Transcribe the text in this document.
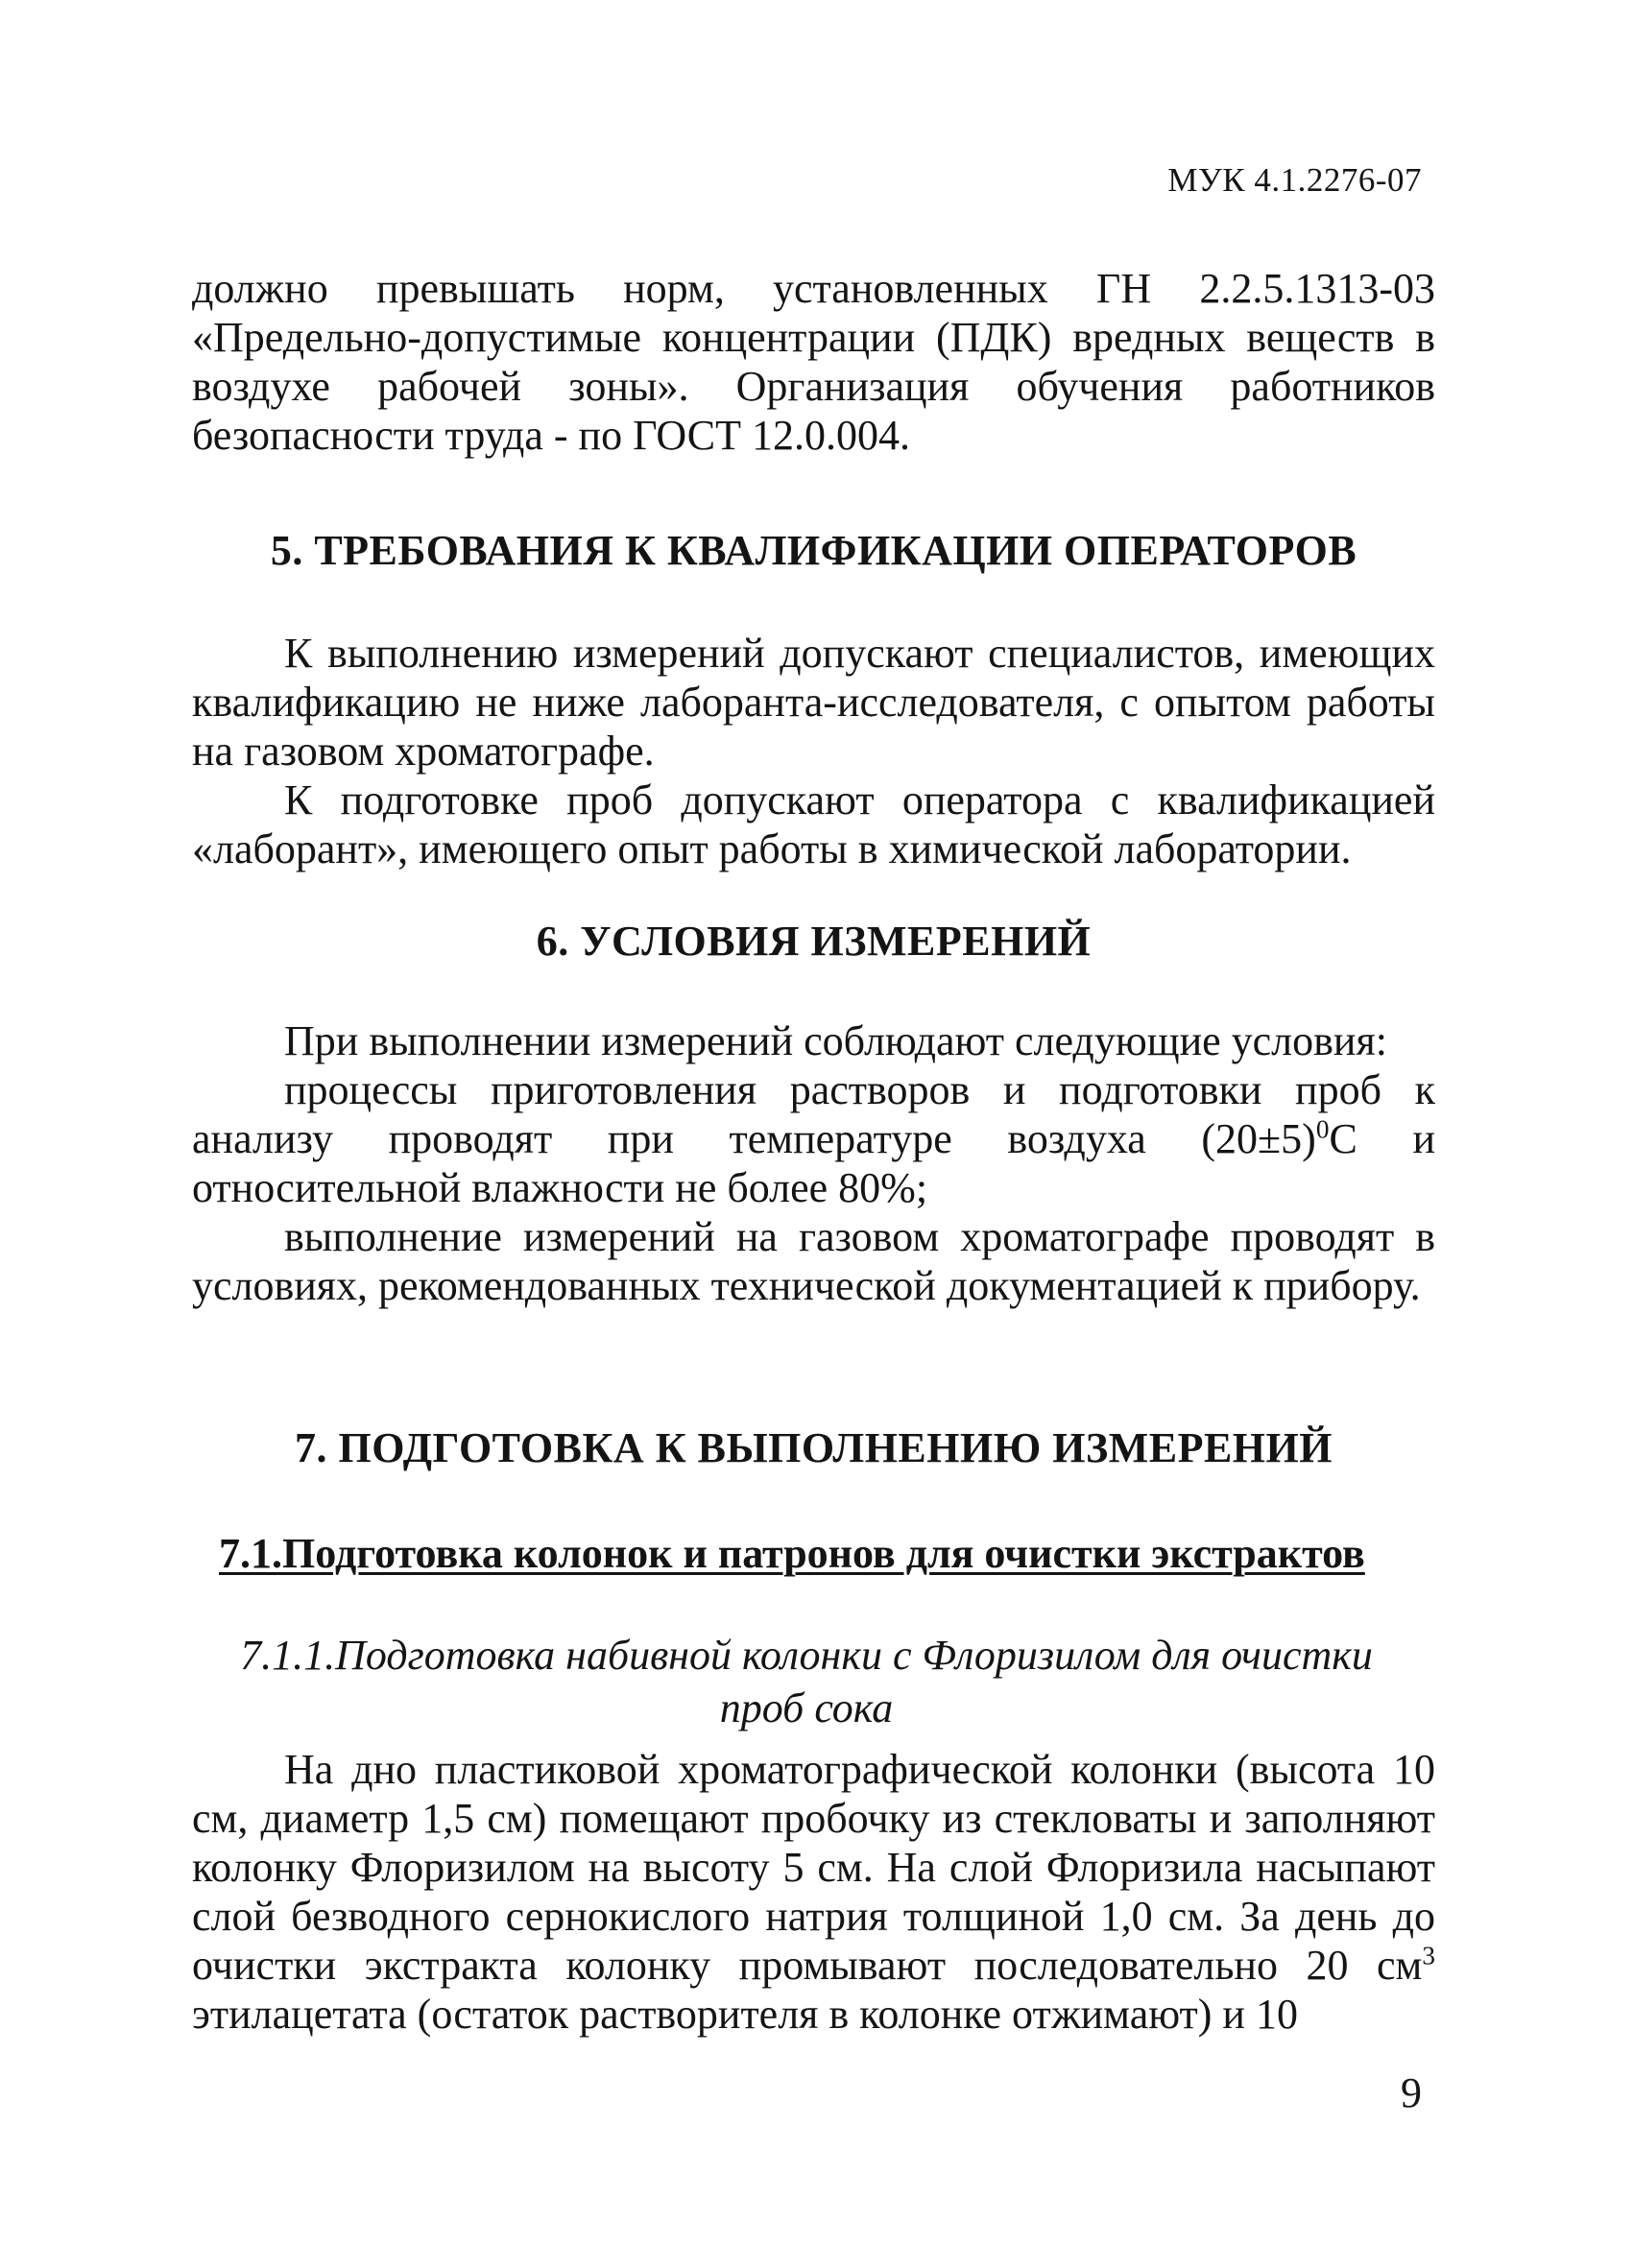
МУК 4.1.2276-07

должно превышать норм, установленных ГН 2.2.5.1313-03 «Предельно-допустимые концентрации (ПДК) вредных веществ в воздухе рабочей зоны». Организация обучения работников безопасности труда - по ГОСТ 12.0.004.

5. ТРЕБОВАНИЯ К КВАЛИФИКАЦИИ ОПЕРАТОРОВ

К выполнению измерений допускают специалистов, имеющих квалификацию не ниже лаборанта-исследователя, с опытом работы на газовом хроматографе.

К подготовке проб допускают оператора с квалификацией «лаборант», имеющего опыт работы в химической лаборатории.

6. УСЛОВИЯ ИЗМЕРЕНИЙ

При выполнении измерений соблюдают следующие условия:

процессы приготовления растворов и подготовки проб к анализу проводят при температуре воздуха $(20\pm 5)^0С$ и относительной влажности не более 80%;

выполнение измерений на газовом хроматографе проводят в условиях, рекомендованных технической документацией к прибору.

7. ПОДГОТОВКА К ВЫПОЛНЕНИЮ ИЗМЕРЕНИЙ
7.1.Подготовка колонок и патронов для очистки экстрактов
7.1.1.Подготовка набивной колонки с Флоризилом для очистки
проб сока

На дно пластиковой хроматографической колонки (высота 10 см, диаметр 1,5 см) помещают пробочку из стекловаты и заполняют колонку Флоризилом на высоту 5 см. На слой Флоризила насыпают слой безводного сернокислого натрия толщиной 1,0 см. За день до очистки экстракта колонку промывают последовательно 20 $см^3$ этилацетата (остаток растворителя в колонке отжимают) и 10

9
